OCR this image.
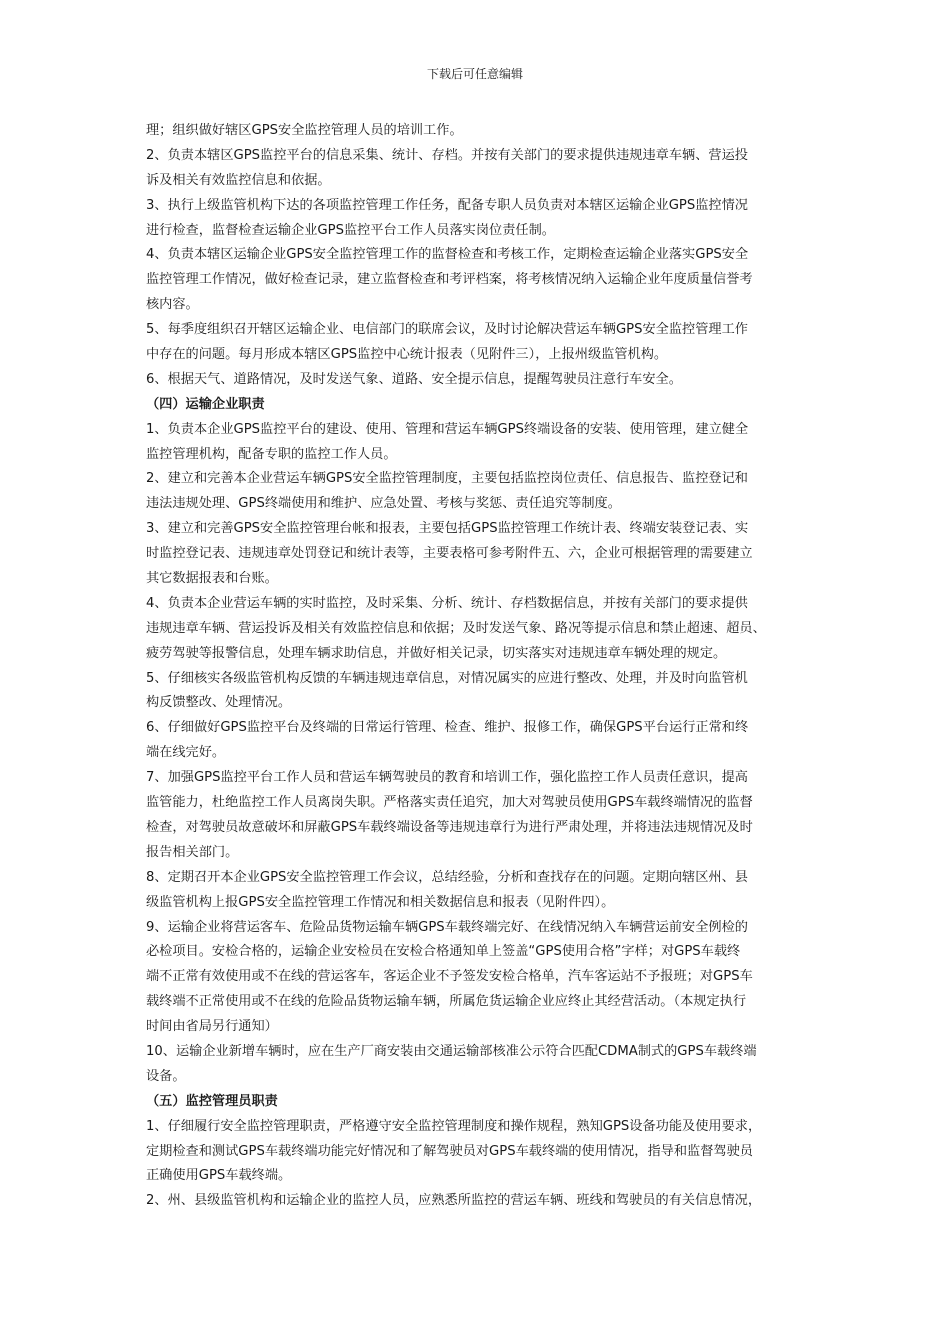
下载后可任意编辑
理；组织做好辖区GPS安全监控管理人员的培训工作。
2、负责本辖区GPS监控平台的信息采集、统计、存档。并按有关部门的要求提供违规违章车辆、营运投
诉及相关有效监控信息和依据。
3、执行上级监管机构下达的各项监控管理工作任务，配备专职人员负责对本辖区运输企业GPS监控情况
进行检查，监督检查运输企业GPS监控平台工作人员落实岗位责任制。
4、负责本辖区运输企业GPS安全监控管理工作的监督检查和考核工作，定期检查运输企业落实GPS安全
监控管理工作情况，做好检查记录，建立监督检查和考评档案，将考核情况纳入运输企业年度质量信誉考
核内容。
5、每季度组织召开辖区运输企业、电信部门的联席会议，及时讨论解决营运车辆GPS安全监控管理工作
中存在的问题。每月形成本辖区GPS监控中心统计报表（见附件三），上报州级监管机构。
6、根据天气、道路情况，及时发送气象、道路、安全提示信息，提醒驾驶员注意行车安全。
（四）运输企业职责
1、负责本企业GPS监控平台的建设、使用、管理和营运车辆GPS终端设备的安装、使用管理，建立健全
监控管理机构，配备专职的监控工作人员。
2、建立和完善本企业营运车辆GPS安全监控管理制度，主要包括监控岗位责任、信息报告、监控登记和
违法违规处理、GPS终端使用和维护、应急处置、考核与奖惩、责任追究等制度。
3、建立和完善GPS安全监控管理台帐和报表，主要包括GPS监控管理工作统计表、终端安装登记表、实
时监控登记表、违规违章处罚登记和统计表等，主要表格可参考附件五、六，企业可根据管理的需要建立
其它数据报表和台账。
4、负责本企业营运车辆的实时监控，及时采集、分析、统计、存档数据信息，并按有关部门的要求提供
违规违章车辆、营运投诉及相关有效监控信息和依据；及时发送气象、路况等提示信息和禁止超速、超员、
疲劳驾驶等报警信息，处理车辆求助信息，并做好相关记录，切实落实对违规违章车辆处理的规定。
5、仔细核实各级监管机构反馈的车辆违规违章信息，对情况属实的应进行整改、处理，并及时向监管机
构反馈整改、处理情况。
6、仔细做好GPS监控平台及终端的日常运行管理、检查、维护、报修工作，确保GPS平台运行正常和终
端在线完好。
7、加强GPS监控平台工作人员和营运车辆驾驶员的教育和培训工作，强化监控工作人员责任意识，提高
监管能力，杜绝监控工作人员离岗失职。严格落实责任追究，加大对驾驶员使用GPS车载终端情况的监督
检查，对驾驶员故意破坏和屏蔽GPS车载终端设备等违规违章行为进行严肃处理，并将违法违规情况及时
报告相关部门。
8、定期召开本企业GPS安全监控管理工作会议，总结经验，分析和查找存在的问题。定期向辖区州、县
级监管机构上报GPS安全监控管理工作情况和相关数据信息和报表（见附件四）。
9、运输企业将营运客车、危险品货物运输车辆GPS车载终端完好、在线情况纳入车辆营运前安全例检的
必检项目。安检合格的，运输企业安检员在安检合格通知单上签盖“GPS使用合格”字样；对GPS车载终
端不正常有效使用或不在线的营运客车，客运企业不予签发安检合格单，汽车客运站不予报班；对GPS车
载终端不正常使用或不在线的危险品货物运输车辆，所属危货运输企业应终止其经营活动。（本规定执行
时间由省局另行通知）
10、运输企业新增车辆时，应在生产厂商安装由交通运输部核准公示符合匹配CDMA制式的GPS车载终端
设备。
（五）监控管理员职责
1、仔细履行安全监控管理职责，严格遵守安全监控管理制度和操作规程，熟知GPS设备功能及使用要求，
定期检查和测试GPS车载终端功能完好情况和了解驾驶员对GPS车载终端的使用情况，指导和监督驾驶员
正确使用GPS车载终端。
2、州、县级监管机构和运输企业的监控人员，应熟悉所监控的营运车辆、班线和驾驶员的有关信息情况，
